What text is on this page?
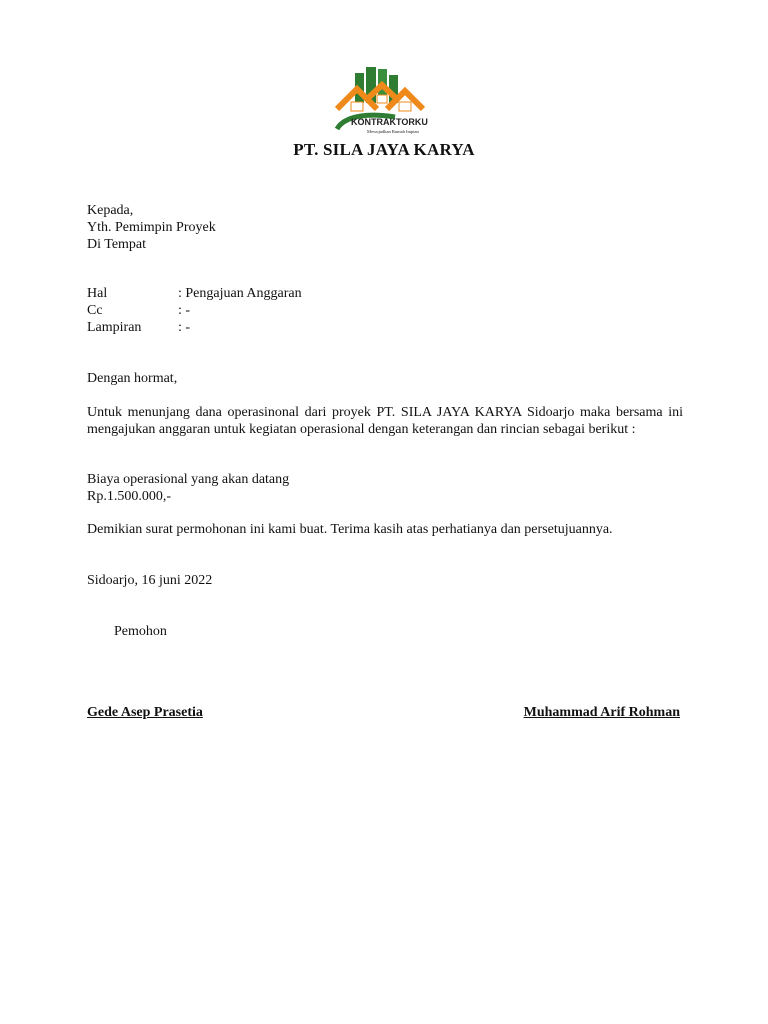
KONTRAKTORKU
Mewujudkan Rumah Impian
PT. SILA JAYA KARYA
Kepada,
Yth. Pemimpin Proyek
Di Tempat
Hal	: Pengajuan Anggaran
Cc	: -
Lampiran	: -
Dengan hormat,
Untuk menunjang dana operasinonal dari proyek PT. SILA JAYA KARYA Sidoarjo maka bersama ini mengajukan anggaran untuk kegiatan operasional dengan keterangan dan rincian sebagai berikut :
Biaya operasional yang akan datang
Rp.1.500.000,-
Demikian surat permohonan ini kami buat. Terima kasih atas perhatianya dan persetujuannya.
Sidoarjo, 16 juni 2022
Pemohon
Gede Asep Prasetia	Muhammad Arif Rohman
